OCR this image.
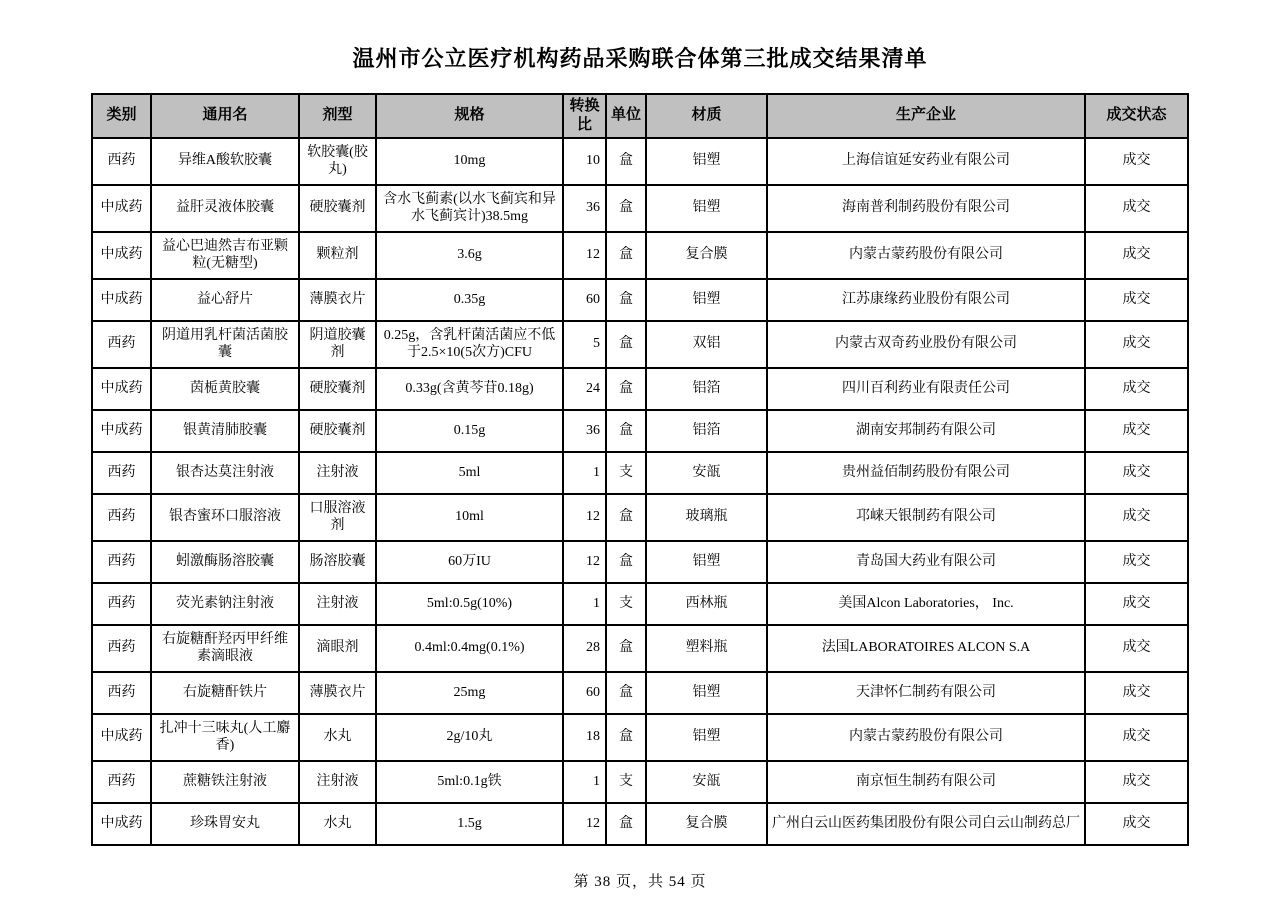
温州市公立医疗机构药品采购联合体第三批成交结果清单
类别	通用名	剂型	规格	转换比	单位	材质	生产企业	成交状态
西药	异维A酸软胶囊	软胶囊(胶丸)	10mg	10	盒	铝塑	上海信谊延安药业有限公司	成交
中成药	益肝灵液体胶囊	硬胶囊剂	含水飞蓟素(以水飞蓟宾和异水飞蓟宾计)38.5mg	36	盒	铝塑	海南普利制药股份有限公司	成交
中成药	益心巴迪然吉布亚颗粒(无糖型)	颗粒剂	3.6g	12	盒	复合膜	内蒙古蒙药股份有限公司	成交
中成药	益心舒片	薄膜衣片	0.35g	60	盒	铝塑	江苏康缘药业股份有限公司	成交
西药	阴道用乳杆菌活菌胶囊	阴道胶囊剂	0.25g，含乳杆菌活菌应不低于2.5×10(5次方)CFU	5	盒	双铝	内蒙古双奇药业股份有限公司	成交
中成药	茵栀黄胶囊	硬胶囊剂	0.33g(含黄芩苷0.18g)	24	盒	铝箔	四川百利药业有限责任公司	成交
中成药	银黄清肺胶囊	硬胶囊剂	0.15g	36	盒	铝箔	湖南安邦制药有限公司	成交
西药	银杏达莫注射液	注射液	5ml	1	支	安瓿	贵州益佰制药股份有限公司	成交
西药	银杏蜜环口服溶液	口服溶液剂	10ml	12	盒	玻璃瓶	邛崃天银制药有限公司	成交
西药	蚓激酶肠溶胶囊	肠溶胶囊	60万IU	12	盒	铝塑	青岛国大药业有限公司	成交
西药	荧光素钠注射液	注射液	5ml:0.5g(10%)	1	支	西林瓶	美国Alcon Laboratories， Inc.	成交
西药	右旋糖酐羟丙甲纤维素滴眼液	滴眼剂	0.4ml:0.4mg(0.1%)	28	盒	塑料瓶	法国LABORATOIRES ALCON S.A	成交
西药	右旋糖酐铁片	薄膜衣片	25mg	60	盒	铝塑	天津怀仁制药有限公司	成交
中成药	扎冲十三味丸(人工麝香)	水丸	2g/10丸	18	盒	铝塑	内蒙古蒙药股份有限公司	成交
西药	蔗糖铁注射液	注射液	5ml:0.1g铁	1	支	安瓿	南京恒生制药有限公司	成交
中成药	珍珠胃安丸	水丸	1.5g	12	盒	复合膜	广州白云山医药集团股份有限公司白云山制药总厂	成交
第 38 页，共 54 页
